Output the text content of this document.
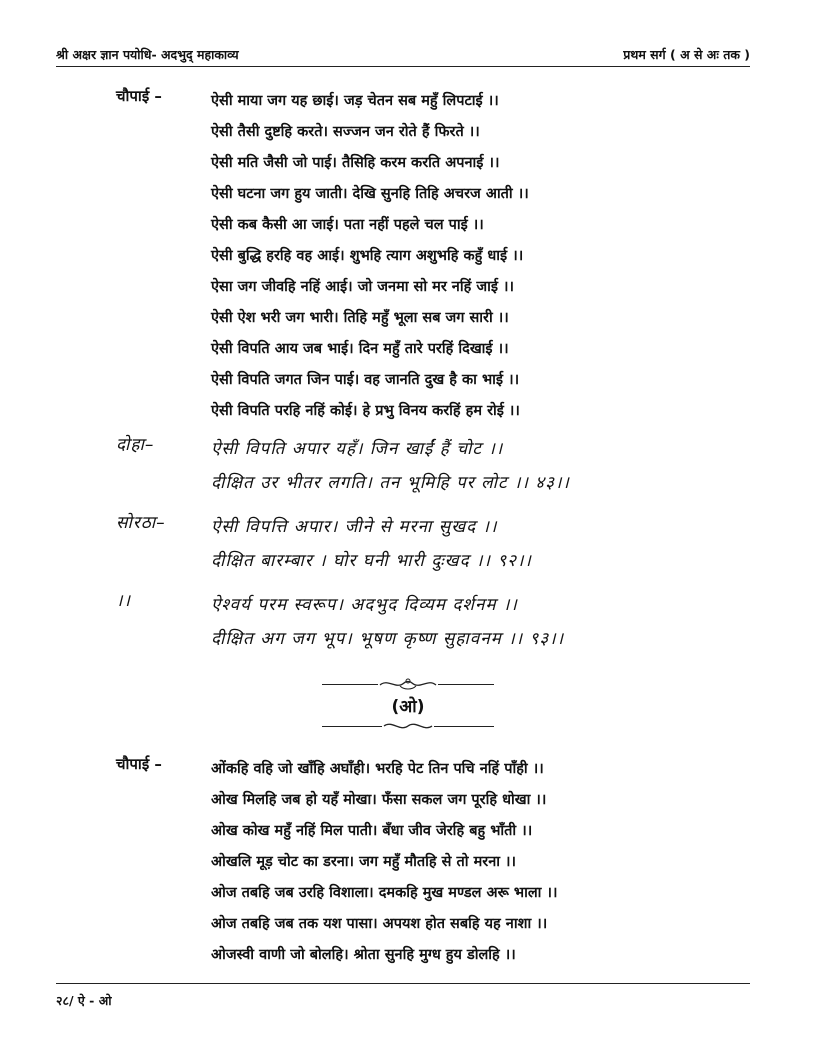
श्री अक्षर ज्ञान पयोधि- अदभुद् महाकाव्य	प्रथम सर्ग ( अ से अः तक )
चौपाई –	ऐसी माया जग यह छाई। जड़ चेतन सब महुँ लिपटाई ।।
ऐसी तैसी दुष्टहि करते। सज्जन जन रोते हैं फिरते ।।
ऐसी मति जैसी जो पाई। तैसिहि करम करति अपनाई ।।
ऐसी घटना जग हुय जाती। देखि सुनहि तिहि अचरज आती ।।
ऐसी कब कैसी आ जाई। पता नहीं पहले चल पाई ।।
ऐसी बुद्धि हरहि वह आई। शुभहि त्याग अशुभहि कहुँ धाई ।।
ऐसा जग जीवहि नहिं आई। जो जनमा सो मर नहिं जाई ।।
ऐसी ऐश भरी जग भारी। तिहि महुँ भूला सब जग सारी ।।
ऐसी विपति आय जब भाई। दिन महुँ तारे परहिं दिखाई ।।
ऐसी विपति जगत जिन पाई। वह जानति दुख है का भाई ।।
ऐसी विपति परहि नहिं कोई। हे प्रभु विनय करहिं हम रोई ।।
दोहा–	ऐसी विपति अपार यहँ। जिन खाईं हैं चोट ।।
दीक्षित उर भीतर लगति। तन भूमिहि पर लोट ।। ४३।।
सोरठा–	ऐसी विपत्ति अपार। जीने से मरना सुखद ।।
दीक्षित बारम्बार । घोर घनी भारी दुःखद ।। ९२।।
।।	ऐश्वर्य परम स्वरूप। अदभुद दिव्यम दर्शनम ।।
दीक्षित अग जग भूप। भूषण कृष्ण सुहावनम ।। ९३।।
(ओ)
चौपाई –	ओंकहि वहि जो खाँहि अघाँही। भरहि पेट तिन पचि नहिं पाँही ।।
ओख मिलहि जब हो यहँ मोखा। फँसा सकल जग पूरहि धोखा ।।
ओख कोख महुँ नहिं मिल पाती। बँधा जीव जेरहि बहु भाँती ।।
ओखलि मूड़ चोट का डरना। जग महुँ मौतहि से तो मरना ।।
ओज तबहि जब उरहि विशाला। दमकहि मुख मण्डल अरू भाला ।।
ओज तबहि जब तक यश पासा। अपयश होत सबहि यह नाशा ।।
ओजस्वी वाणी जो बोलहि। श्रोता सुनहि मुग्ध हुय डोलहि ।।
२८/ ऐ - ओ
